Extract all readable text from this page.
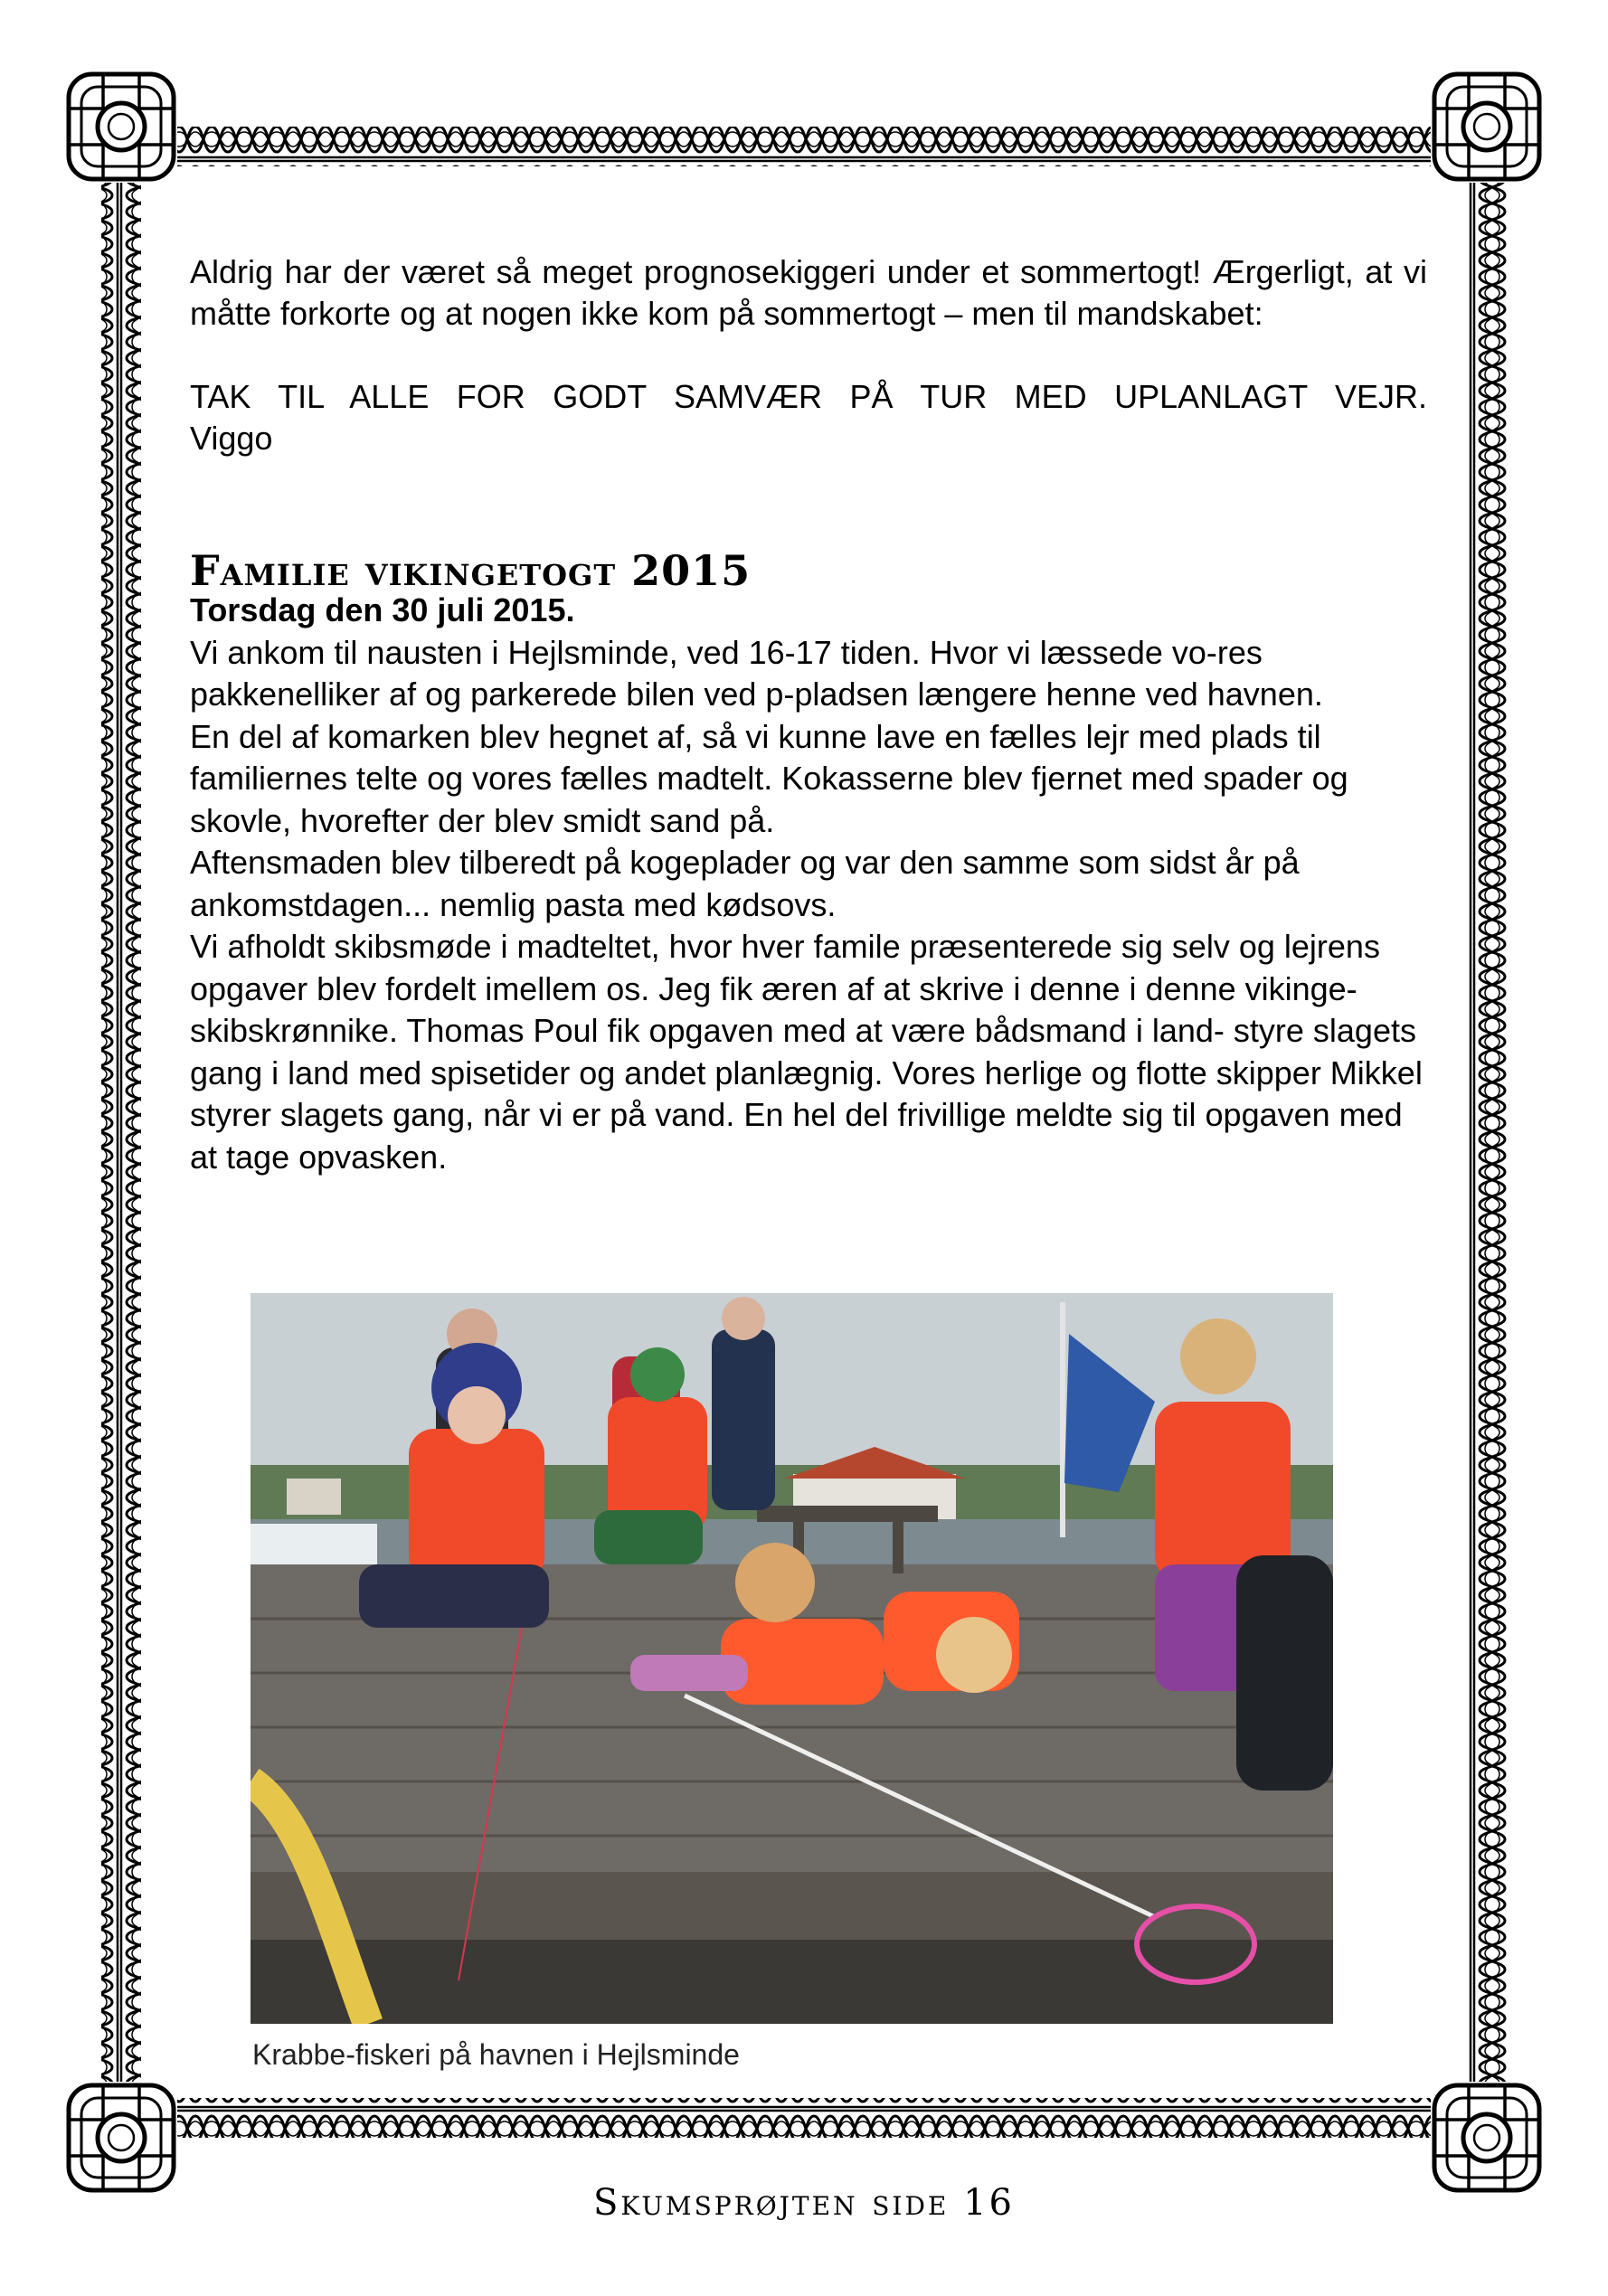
Aldrig har der været så meget prognosekiggeri under et sommertogt! Ærgerligt, at vi måtte forkorte og at nogen ikke kom på sommertogt – men til mandskabet:

TAK TIL ALLE FOR GODT SAMVÆR PÅ TUR MED UPLANLAGT VEJR.

Viggo

Familie vikingetogt 2015

Torsdag den 30 juli 2015.

Vi ankom til nausten i Hejlsminde, ved 16-17 tiden. Hvor vi læssede vo-res pakkenelliker af og parkerede bilen ved p-pladsen længere henne ved havnen.

En del af komarken blev hegnet af, så vi kunne lave en fælles lejr med plads til familiernes telte og vores fælles madtelt. Kokasserne blev fjernet med spader og skovle, hvorefter der blev smidt sand på.

Aftensmaden blev tilberedt på kogeplader og var den samme som sidst år på ankomstdagen... nemlig pasta med kødsovs.

Vi afholdt skibsmøde i madteltet, hvor hver famile præsenterede sig selv og lejrens opgaver blev fordelt imellem os. Jeg fik æren af at skrive i denne i denne vikinge- skibskrønnike. Thomas Poul fik opgaven med at være bådsmand i land- styre slagets gang i land med spisetider og andet planlægnig. Vores herlige og flotte skipper Mikkel styrer slagets gang, når vi er på vand. En hel del frivillige meldte sig til opgaven med at tage opvasken.

Krabbe-fiskeri på havnen i Hejlsminde
Skumsprøjten side 16
